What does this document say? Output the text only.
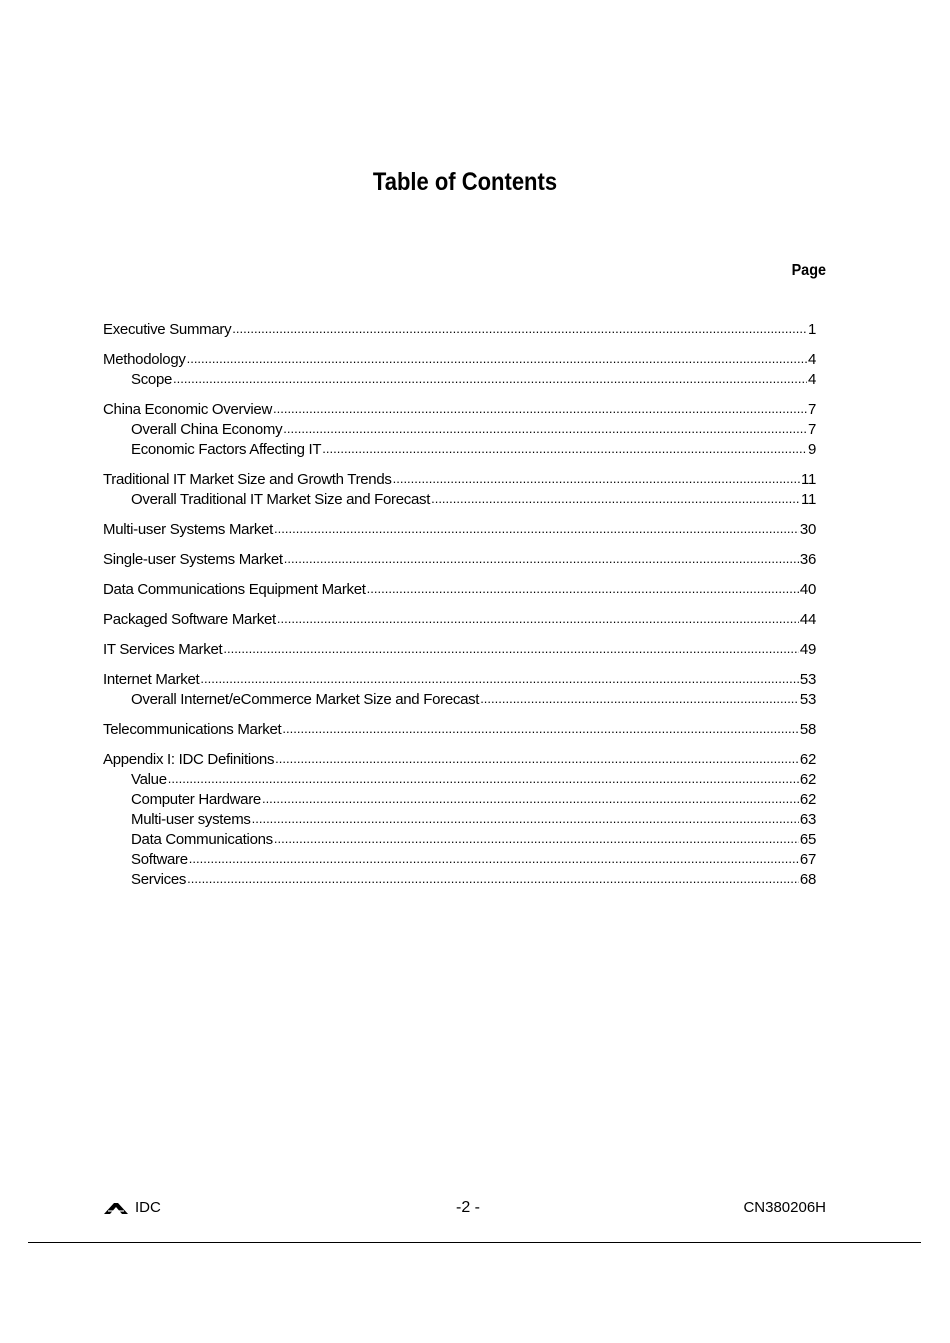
Table of Contents
Page
Executive Summary .....	1
Methodology .....	4
Scope .....	4
China Economic Overview .....	7
Overall China Economy .....	7
Economic Factors Affecting IT .....	9
Traditional IT Market Size and Growth Trends .....	11
Overall Traditional IT Market Size and Forecast .....	11
Multi-user Systems Market .....	30
Single-user Systems Market .....	36
Data Communications Equipment Market .....	40
Packaged Software Market .....	44
IT Services Market .....	49
Internet Market .....	53
Overall Internet/eCommerce Market Size and Forecast .....	53
Telecommunications Market .....	58
Appendix I: IDC Definitions .....	62
Value .....	62
Computer Hardware .....	62
Multi-user systems .....	63
Data Communications .....	65
Software .....	67
Services .....	68
IDC	-2 -	CN380206H
